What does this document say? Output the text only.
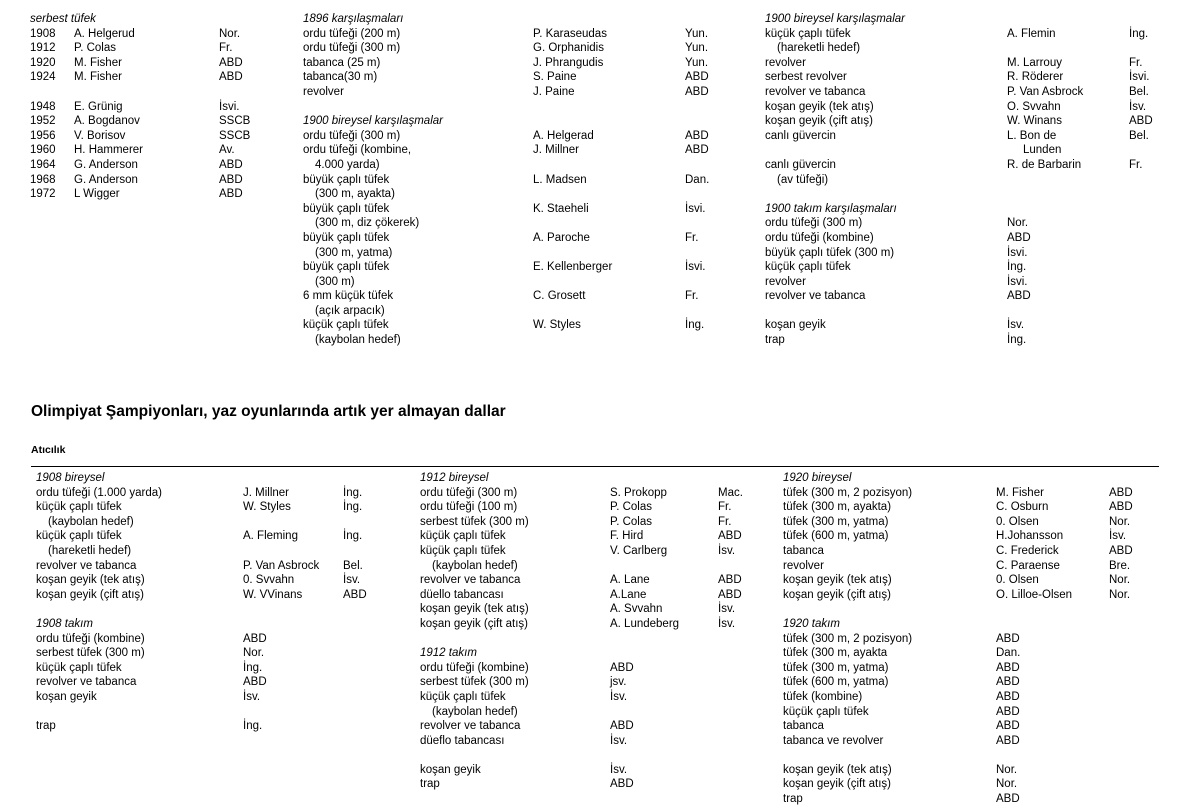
serbest tüfek
1908	A. Helgerud	Nor.
1912	P. Colas	Fr.
1920	M. Fisher	ABD
1924	M. Fisher	ABD
1948	E. Grünig	İsvi.
1952	A. Bogdanov	SSCB
1956	V. Borisov	SSCB
1960	H. Hammerer	Av.
1964	G. Anderson	ABD
1968	G. Anderson	ABD
1972	L Wigger	ABD
1896 karşılaşmaları
ordu tüfeği (200 m)	P. Karaseudas	Yun.
ordu tüfeği (300 m)	G. Orphanidis	Yun.
tabanca (25 m)	J. Phrangudis	Yun.
tabanca(30 m)	S. Paine	ABD
revolver	J. Paine	ABD
1900 bireysel karşılaşmalar
ordu tüfeği (300 m)	A. Helgerad	ABD
ordu tüfeği (kombine,	J. Millner	ABD
4.000 yarda)
büyük çaplı tüfek	L. Madsen	Dan.
(300 m, ayakta)
büyük çaplı tüfek	K. Staeheli	İsvi.
(300 m, diz çökerek)
büyük çaplı tüfek	A. Paroche	Fr.
(300 m, yatma)
büyük çaplı tüfek	E. Kellenberger	İsvi.
(300 m)
6 mm küçük tüfek	C. Grosett	Fr.
(açık arpacık)
küçük çaplı tüfek	W. Styles	İng.
(kaybolan hedef)
1900 bireysel karşılaşmalar
küçük çaplı tüfek	A. Flemin	İng.
(hareketli hedef)
revolver	M. Larrouy	Fr.
serbest revolver	R. Röderer	İsvi.
revolver ve tabanca	P. Van Asbrock	Bel.
koşan geyik (tek atış)	O. Svvahn	İsv.
koşan geyik (çift atış)	W. Winans	ABD
canlı güvercin	L. Bon de	Bel.
Lunden
canlı güvercin	R. de Barbarin	Fr.
(av tüfeği)
1900 takım karşılaşmaları
ordu tüfeği (300 m)	Nor.
ordu tüfeği (kombine)	ABD
büyük çaplı tüfek (300 m)	İsvi.
küçük çaplı tüfek	İng.
revolver	İsvi.
revolver ve tabanca	ABD
koşan geyik	İsv.
trap	İng.
Olimpiyat Şampiyonları, yaz oyunlarında artık yer almayan dallar
Atıcılık
1908 bireysel
ordu tüfeği (1.000 yarda)	J. Millner	İng.
küçük çaplı tüfek	W. Styles	İng.
(kaybolan hedef)
küçük çaplı tüfek	A. Fleming	İng.
(hareketli hedef)
revolver ve tabanca	P. Van Asbrock	Bel.
koşan geyik (tek atış)	0. Svvahn	İsv.
koşan geyik (çift atış)	W. VVinans	ABD
1908 takım
ordu tüfeği (kombine)	ABD
serbest tüfek (300 m)	Nor.
küçük çaplı tüfek	İng.
revolver ve tabanca	ABD
koşan geyik	İsv.
trap	İng.
1912 bireysel
ordu tüfeği (300 m)	S. Prokopp	Mac.
ordu tüfeği (100 m)	P. Colas	Fr.
serbest tüfek (300 m)	P. Colas	Fr.
küçük çaplı tüfek	F. Hird	ABD
küçük çaplı tüfek	V. Carlberg	İsv.
(kaybolan hedef)
revolver ve tabanca	A. Lane	ABD
düello tabancası	A.Lane	ABD
koşan geyik (tek atış)	A. Svvahn	İsv.
koşan geyik (çift atış)	A. Lundeberg	İsv.
1912 takım
ordu tüfeği (kombine)	ABD
serbest tüfek (300 m)	jsv.
küçük çaplı tüfek	İsv.
(kaybolan hedef)
revolver ve tabanca	ABD
düeflo tabancası	İsv.
koşan geyik	İsv.
trap	ABD
1920 bireysel
tüfek (300 m, 2 pozisyon)	M. Fisher	ABD
tüfek (300 m, ayakta)	C. Osburn	ABD
tüfek (300 m, yatma)	0. Olsen	Nor.
tüfek (600 m, yatma)	H.Johansson	İsv.
tabanca	C. Frederick	ABD
revolver	C. Paraense	Bre.
koşan geyik (tek atış)	0. Olsen	Nor.
koşan geyik (çift atış)	O. Lilloe-Olsen	Nor.
1920 takım
tüfek (300 m, 2 pozisyon)	ABD
tüfek (300 m, ayakta	Dan.
tüfek (300 m, yatma)	ABD
tüfek (600 m, yatma)	ABD
tüfek (kombine)	ABD
küçük çaplı tüfek	ABD
tabanca	ABD
tabanca ve revolver	ABD
koşan geyik (tek atış)	Nor.
koşan geyik (çift atış)	Nor.
trap	ABD
